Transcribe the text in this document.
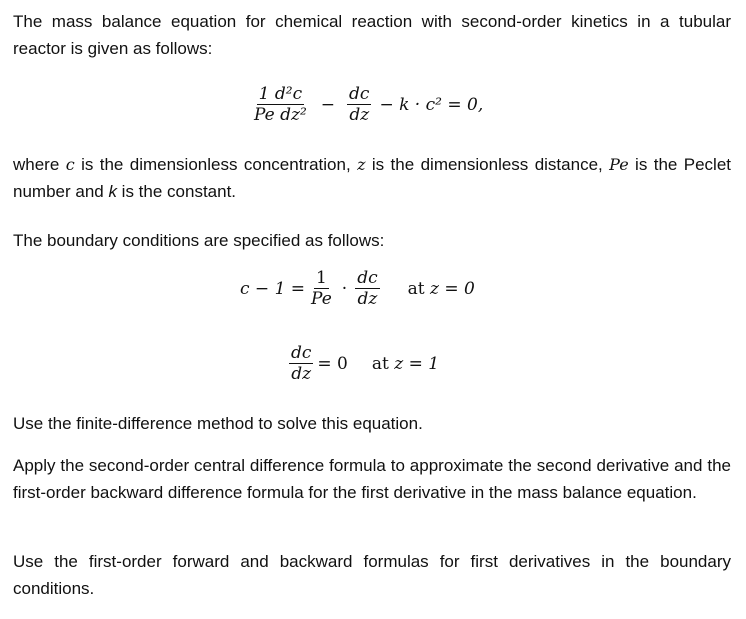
The mass balance equation for chemical reaction with second-order kinetics in a tubular reactor is given as follows:
$\frac{\text{1 d²c}}{\text{Pe dz²}} - \frac{dc}{dz} - k \cdot c^2 = 0$,
where c is the dimensionless concentration, z is the dimensionless distance, Pe is the Peclet number and k is the constant.
The boundary conditions are specified as follows:
$c - 1 = \frac{1}{Pe} \cdot \frac{dc}{dz}$ at
z = 0
$\frac{dc}{dz} = 0$ at
z = 1
Use the finite-difference method to solve this equation.
Apply the second-order central difference formula to approximate the second derivative and the first-order backward difference formula for the first derivative in the mass balance equation.
Use the first-order forward and backward formulas for first derivatives in the boundary conditions.
